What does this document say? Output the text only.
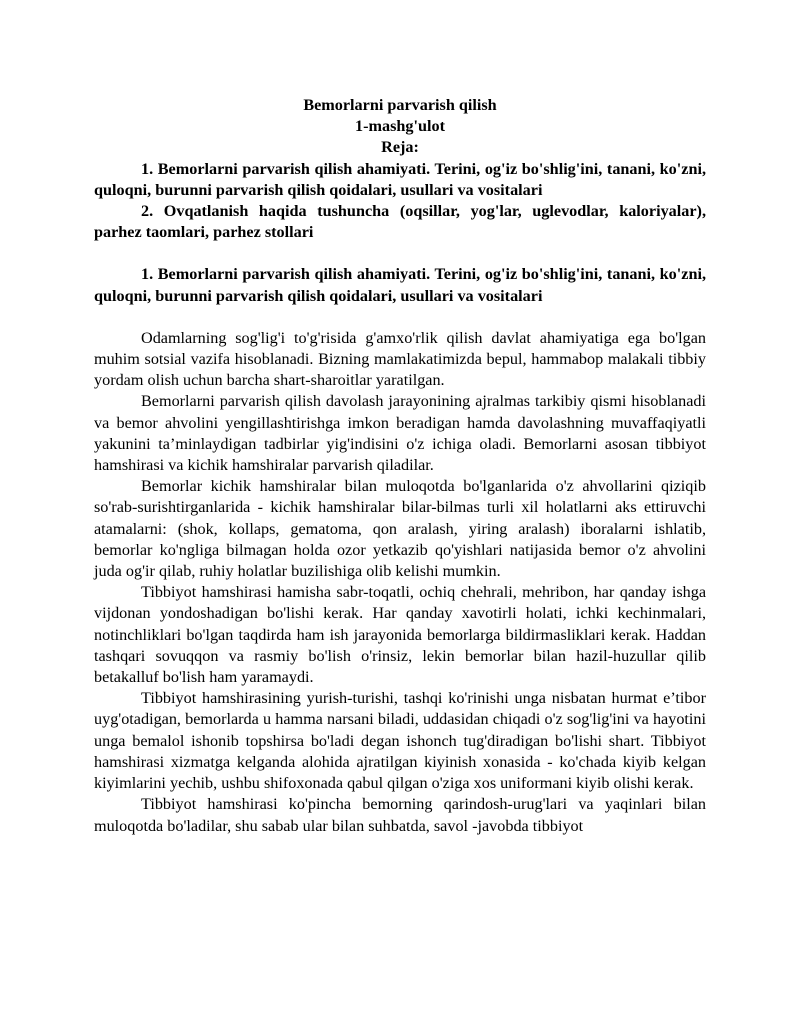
Bemorlarni parvarish qilish

1-mashg'ulot

Reja:

1. Bemorlarni parvarish qilish ahamiyati. Terini, og'iz bo'shlig'ini, tanani, ko'zni, quloqni, burunni parvarish qilish qoidalari, usullari va vositalari

2. Ovqatlanish haqida tushuncha (oqsillar, yog'lar, uglevodlar, kaloriyalar), parhez taomlari, parhez stollari

1. Bemorlarni parvarish qilish ahamiyati. Terini, og'iz bo'shlig'ini, tanani, ko'zni, quloqni, burunni parvarish qilish qoidalari, usullari va vositalari

Odamlarning sog'lig'i to'g'risida g'amxo'rlik qilish davlat ahamiyatiga ega bo'lgan muhim sotsial vazifa hisoblanadi. Bizning mamlakatimizda bepul, hammabop malakali tibbiy yordam olish uchun barcha shart-sharoitlar yaratilgan.

Bemorlarni parvarish qilish davolash jarayonining ajralmas tarkibiy qismi hisoblanadi va bemor ahvolini yengillashtirishga imkon beradigan hamda davolashning muvaffaqiyatli yakunini ta’minlaydigan tadbirlar yig'indisini o'z ichiga oladi. Bemorlarni asosan tibbiyot hamshirasi va kichik hamshiralar parvarish qiladilar.

Bemorlar kichik hamshiralar bilan muloqotda bo'lganlarida o'z ahvollarini qiziqib so'rab-surishtirganlarida - kichik hamshiralar bilar-bilmas turli xil holatlarni aks ettiruvchi atamalarni: (shok, kollaps, gematoma, qon aralash, yiring aralash) iboralarni ishlatib, bemorlar ko'ngliga bilmagan holda ozor yetkazib qo'yishlari natijasida bemor o'z ahvolini juda og'ir qilab, ruhiy holatlar buzilishiga olib kelishi mumkin.

Tibbiyot hamshirasi hamisha sabr-toqatli, ochiq chehrali, mehribon, har qanday ishga vijdonan yondoshadigan bo'lishi kerak. Har qanday xavotirli holati, ichki kechinmalari, notinchliklari bo'lgan taqdirda ham ish jarayonida bemorlarga bildirmasliklari kerak. Haddan tashqari sovuqqon va rasmiy bo'lish o'rinsiz, lekin bemorlar bilan hazil-huzullar qilib betakalluf bo'lish ham yaramaydi.

Tibbiyot hamshirasining yurish-turishi, tashqi ko'rinishi unga nisbatan hurmat e’tibor uyg'otadigan, bemorlarda u hamma narsani biladi, uddasidan chiqadi o'z sog'lig'ini va hayotini unga bemalol ishonib topshirsa bo'ladi degan ishonch tug'diradigan bo'lishi shart. Tibbiyot hamshirasi xizmatga kelganda alohida ajratilgan kiyinish xonasida - ko'chada kiyib kelgan kiyimlarini yechib, ushbu shifoxonada qabul qilgan o'ziga xos uniformani kiyib olishi kerak.

Tibbiyot hamshirasi ko'pincha bemorning qarindosh-urug'lari va yaqinlari bilan muloqotda bo'ladilar, shu sabab ular bilan suhbatda, savol -javobda tibbiyot
